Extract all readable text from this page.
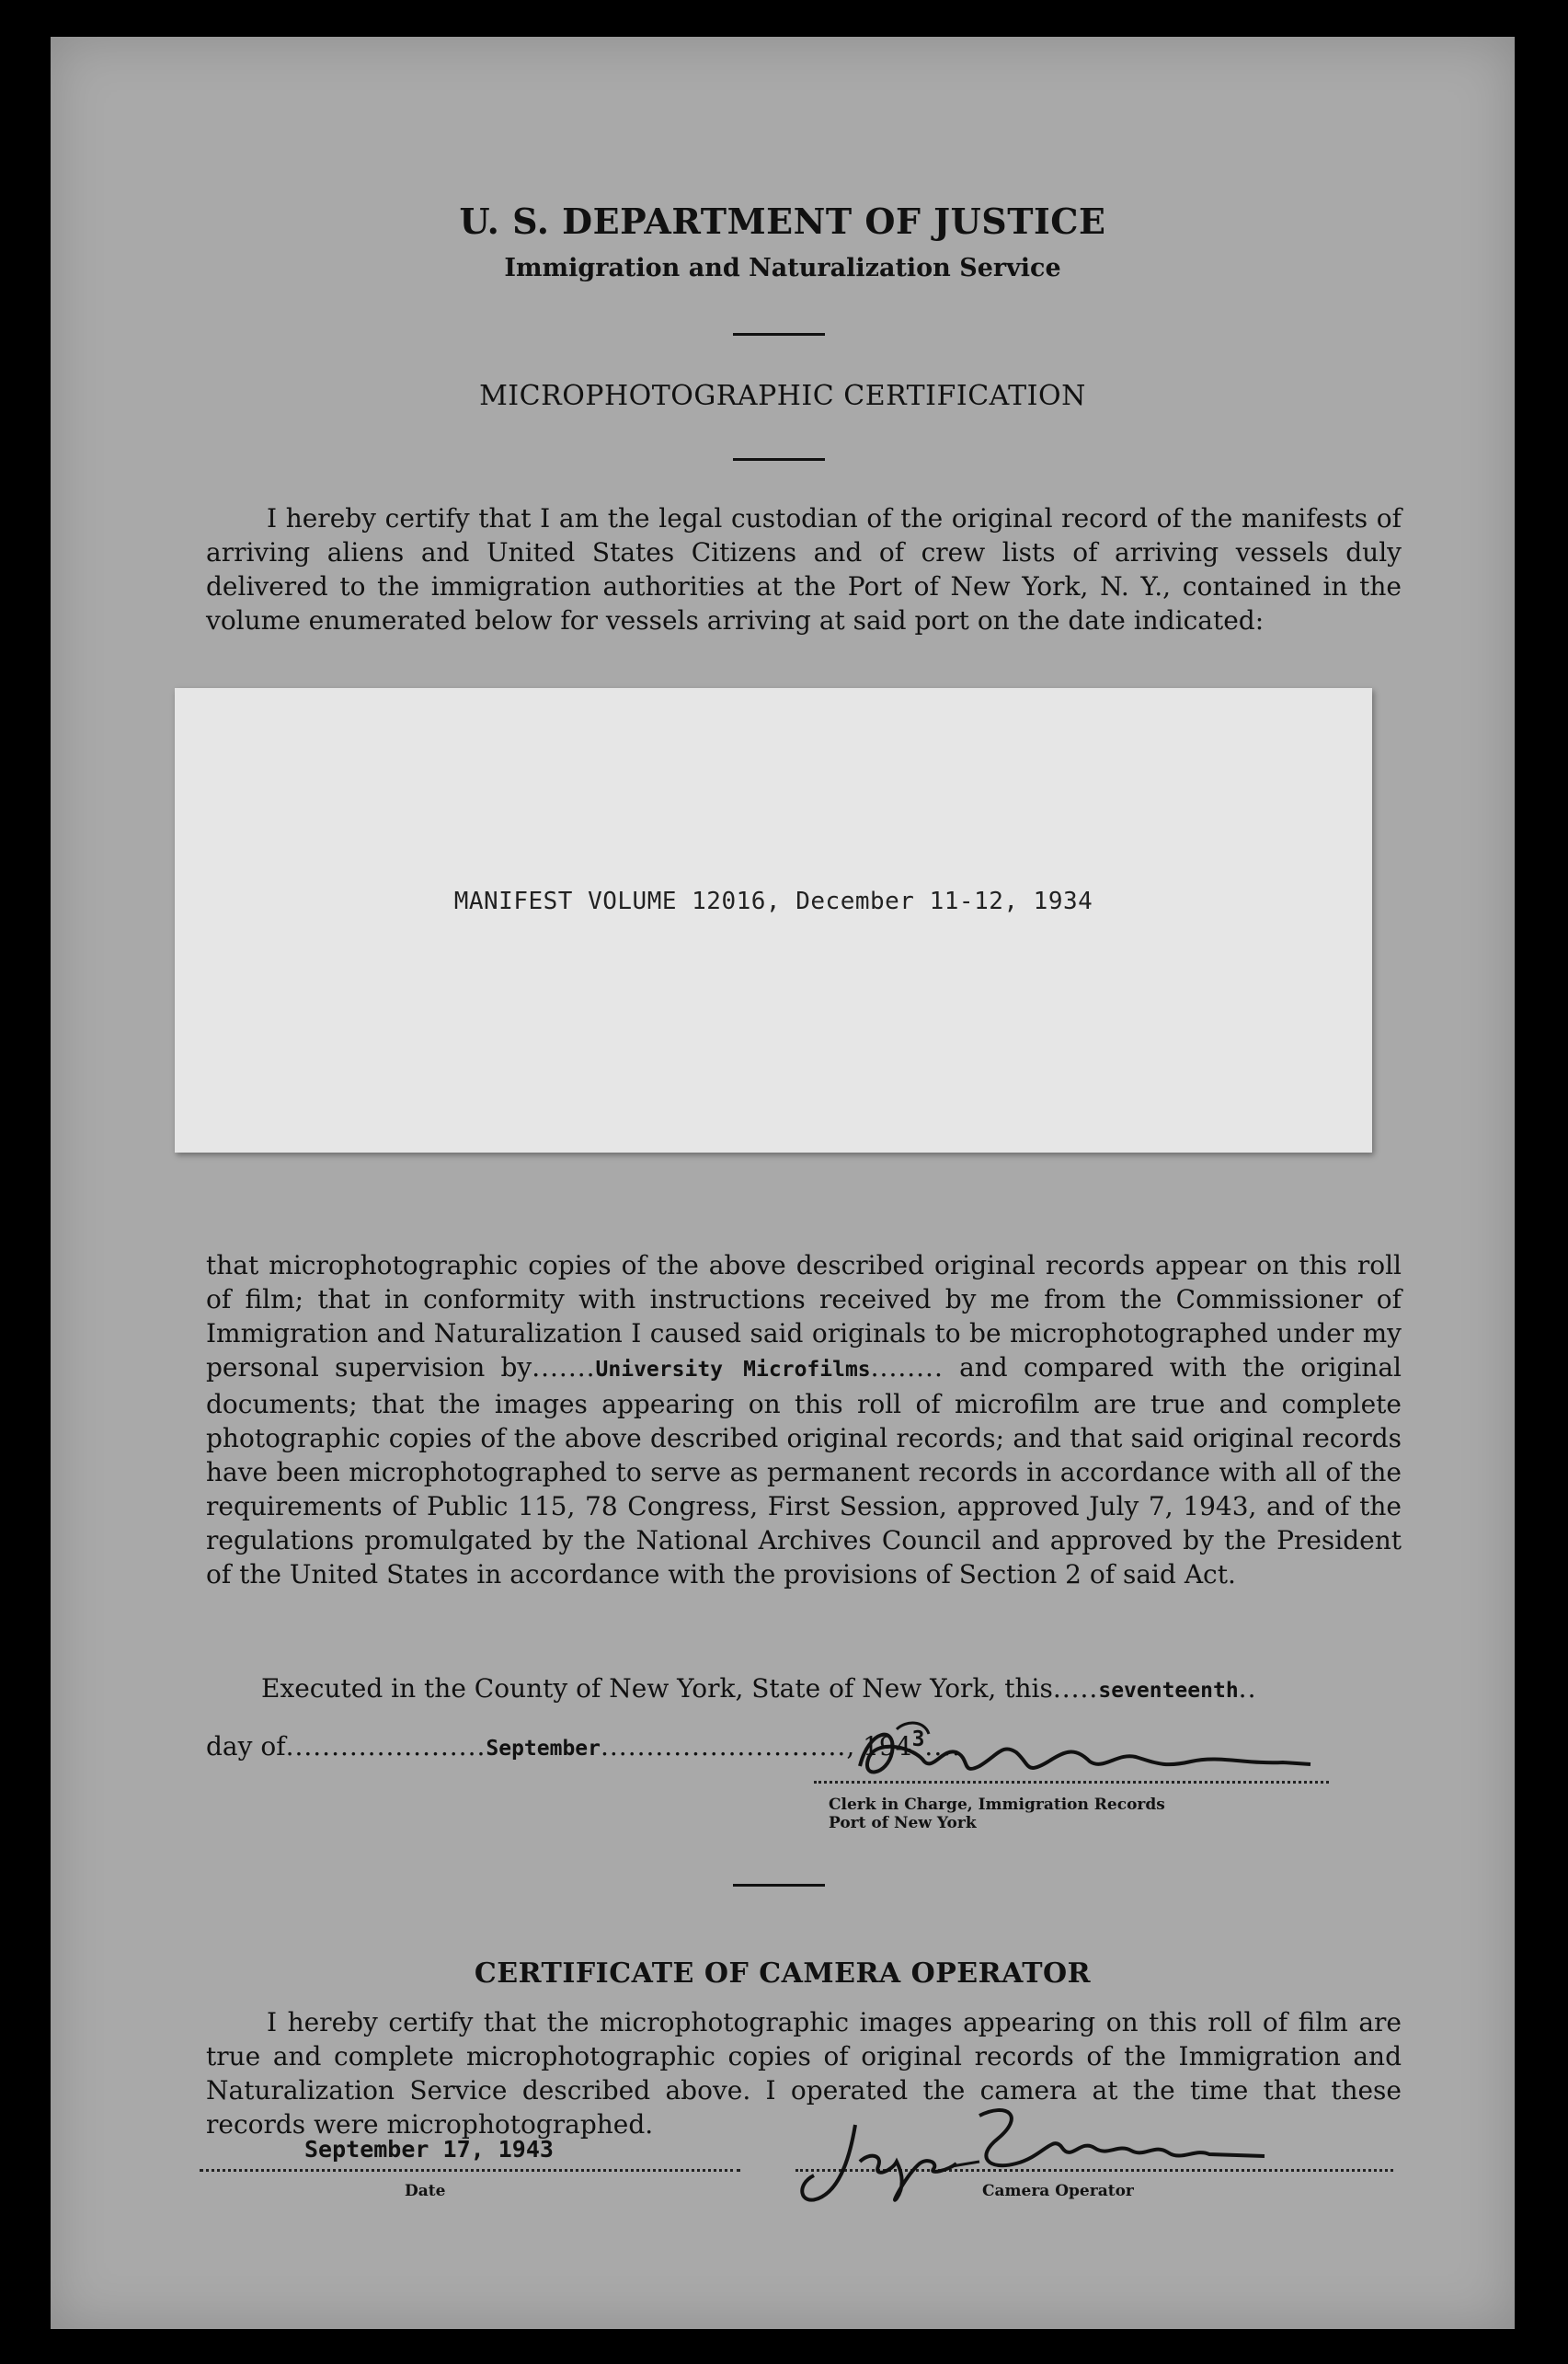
U. S. DEPARTMENT OF JUSTICE
Immigration and Naturalization Service
MICROPHOTOGRAPHIC CERTIFICATION
I hereby certify that I am the legal custodian of the original record of the manifests of arriving aliens and United States Citizens and of crew lists of arriving vessels duly delivered to the immigration authorities at the Port of New York, N. Y., contained in the volume enumerated below for vessels arriving at said port on the date indicated:
MANIFEST VOLUME 12016, December 11-12, 1934
that microphotographic copies of the above described original records appear on this roll of film; that in conformity with instructions received by me from the Commissioner of Immigration and Naturalization I caused said originals to be microphotographed under my personal supervision by.......University Microfilms........ and compared with the original documents; that the images appearing on this roll of microfilm are true and complete photographic copies of the above described original records; and that said original records have been microphotographed to serve as permanent records in accordance with all of the requirements of Public 115, 78 Congress, First Session, approved July 7, 1943, and of the regulations promulgated by the National Archives Council and approved by the President of the United States in accordance with the provisions of Section 2 of said Act.
Executed in the County of New York, State of New York, this.....seventeenth..
day of......................September..........................., $194^3$....
Clerk in Charge, Immigration Records
Port of New York
CERTIFICATE OF CAMERA OPERATOR
I hereby certify that the microphotographic images appearing on this roll of film are true and complete microphotographic copies of original records of the Immigration and Naturalization Service described above. I operated the camera at the time that these records were microphotographed.
September 17, 1943
Date	Camera Operator
